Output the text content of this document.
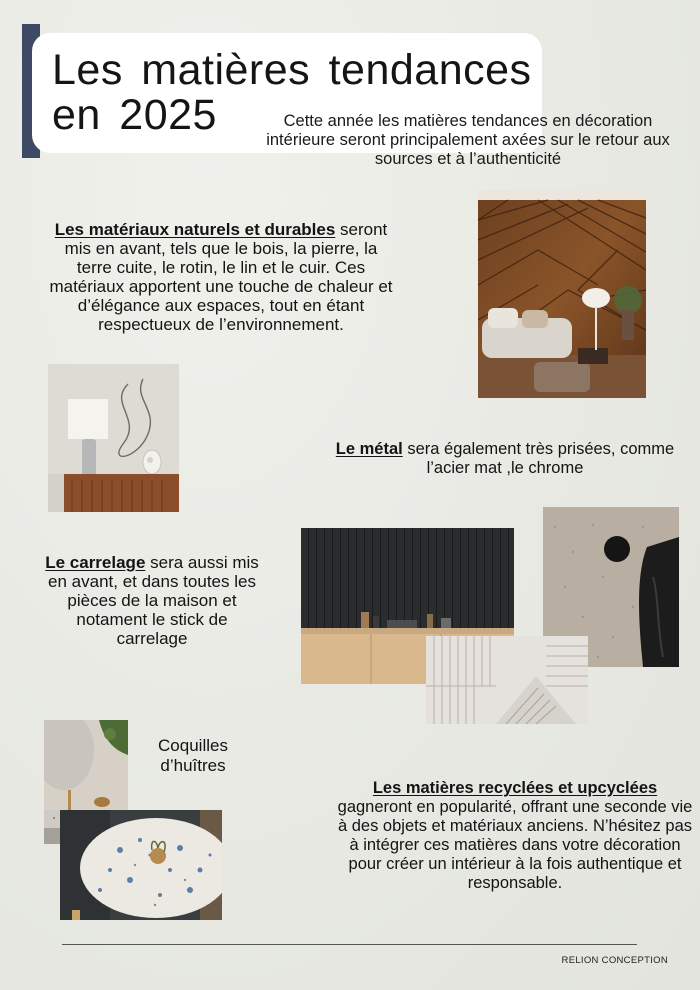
Les matières tendances en 2025	Cette année les matières tendances en décoration intérieure seront principalement axées sur le retour aux sources et à l’authenticité
Les matériaux naturels et durables seront mis en avant, tels que le bois, la pierre, la terre cuite, le rotin, le lin et le cuir. Ces matériaux apportent une touche de chaleur et d’élégance aux espaces, tout en étant respectueux de l’environnement.
Le métal sera également très prisées, comme l’acier mat ,le chrome
Le carrelage sera aussi mis en avant, et dans toutes les pièces de la maison et notament le stick de carrelage
Les matières recyclées et upcyclées gagneront en popularité, offrant une seconde vie à des objets et matériaux anciens. N’hésitez pas à intégrer ces matières dans votre décoration pour créer un intérieur à la fois authentique et responsable.
Coquilles d’huîtres
RELION CONCEPTION
